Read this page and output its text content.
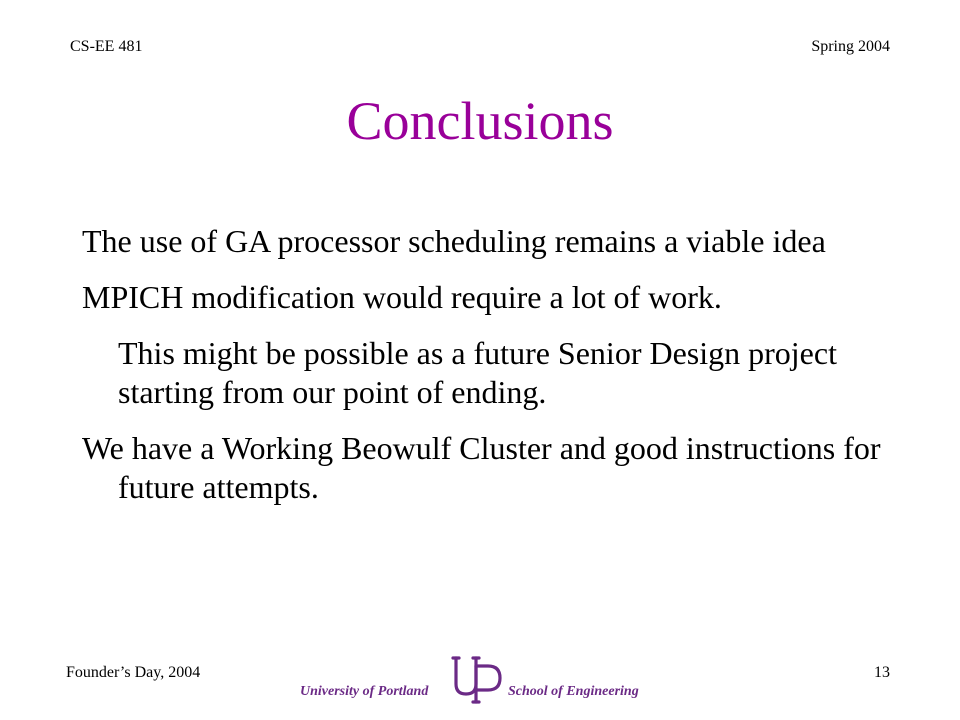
CS-EE 481	Spring 2004
Conclusions

The use of GA processor scheduling remains a viable idea

MPICH modification would require a lot of work.

This might be possible as a future Senior Design project starting from our point of ending.

We have a Working Beowulf Cluster and good instructions for future attempts.

Founder’s Day, 2004	13
University of Portland	School of Engineering
